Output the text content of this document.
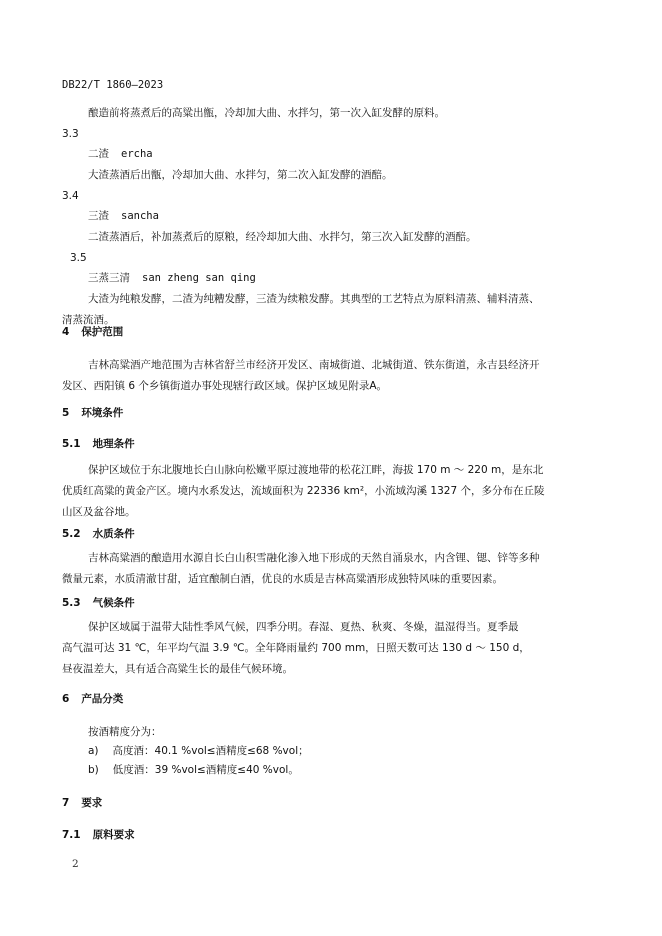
DB22/T 1860—2023
酿造前将蒸煮后的高粱出甑，冷却加大曲、水拌匀，第一次入缸发酵的原料。
3.3
二渣 ercha
大渣蒸酒后出甑，冷却加大曲、水拌匀，第二次入缸发酵的酒醅。
3.4
三渣 sancha
二渣蒸酒后，补加蒸煮后的原粮，经冷却加大曲、水拌匀，第三次入缸发酵的酒醅。
3.5
三蒸三清 san zheng san qing
大渣为纯粮发酵，二渣为纯糟发酵，三渣为续粮发酵。其典型的工艺特点为原料清蒸、辅料清蒸、
清蒸流酒。
4 保护范围
吉林高粱酒产地范围为吉林省舒兰市经济开发区、南城街道、北城街道、铁东街道，永吉县经济开
发区、西阳镇 6 个乡镇街道办事处现辖行政区域。保护区域见附录A。
5 环境条件
5.1 地理条件
保护区域位于东北腹地长白山脉向松嫩平原过渡地带的松花江畔，海拔 170 m ～ 220 m，是东北
优质红高粱的黄金产区。境内水系发达，流域面积为 22336 km²，小流域沟溪 1327 个，多分布在丘陵
山区及盆谷地。
5.2 水质条件
吉林高粱酒的酿造用水源自长白山积雪融化渗入地下形成的天然自涌泉水，内含锂、锶、锌等多种
微量元素，水质清澈甘甜，适宜酿制白酒，优良的水质是吉林高粱酒形成独特风味的重要因素。
5.3 气候条件
保护区域属于温带大陆性季风气候，四季分明。春湿、夏热、秋爽、冬燥，温湿得当。夏季最
高气温可达 31 ℃，年平均气温 3.9 ℃。全年降雨量约 700 mm，日照天数可达 130 d ～ 150 d，
昼夜温差大，具有适合高粱生长的最佳气候环境。
6 产品分类
按酒精度分为：
a) 高度酒：40.1 %vol≤酒精度≤68 %vol；
b) 低度酒：39 %vol≤酒精度≤40 %vol。
7 要求
7.1 原料要求
2
